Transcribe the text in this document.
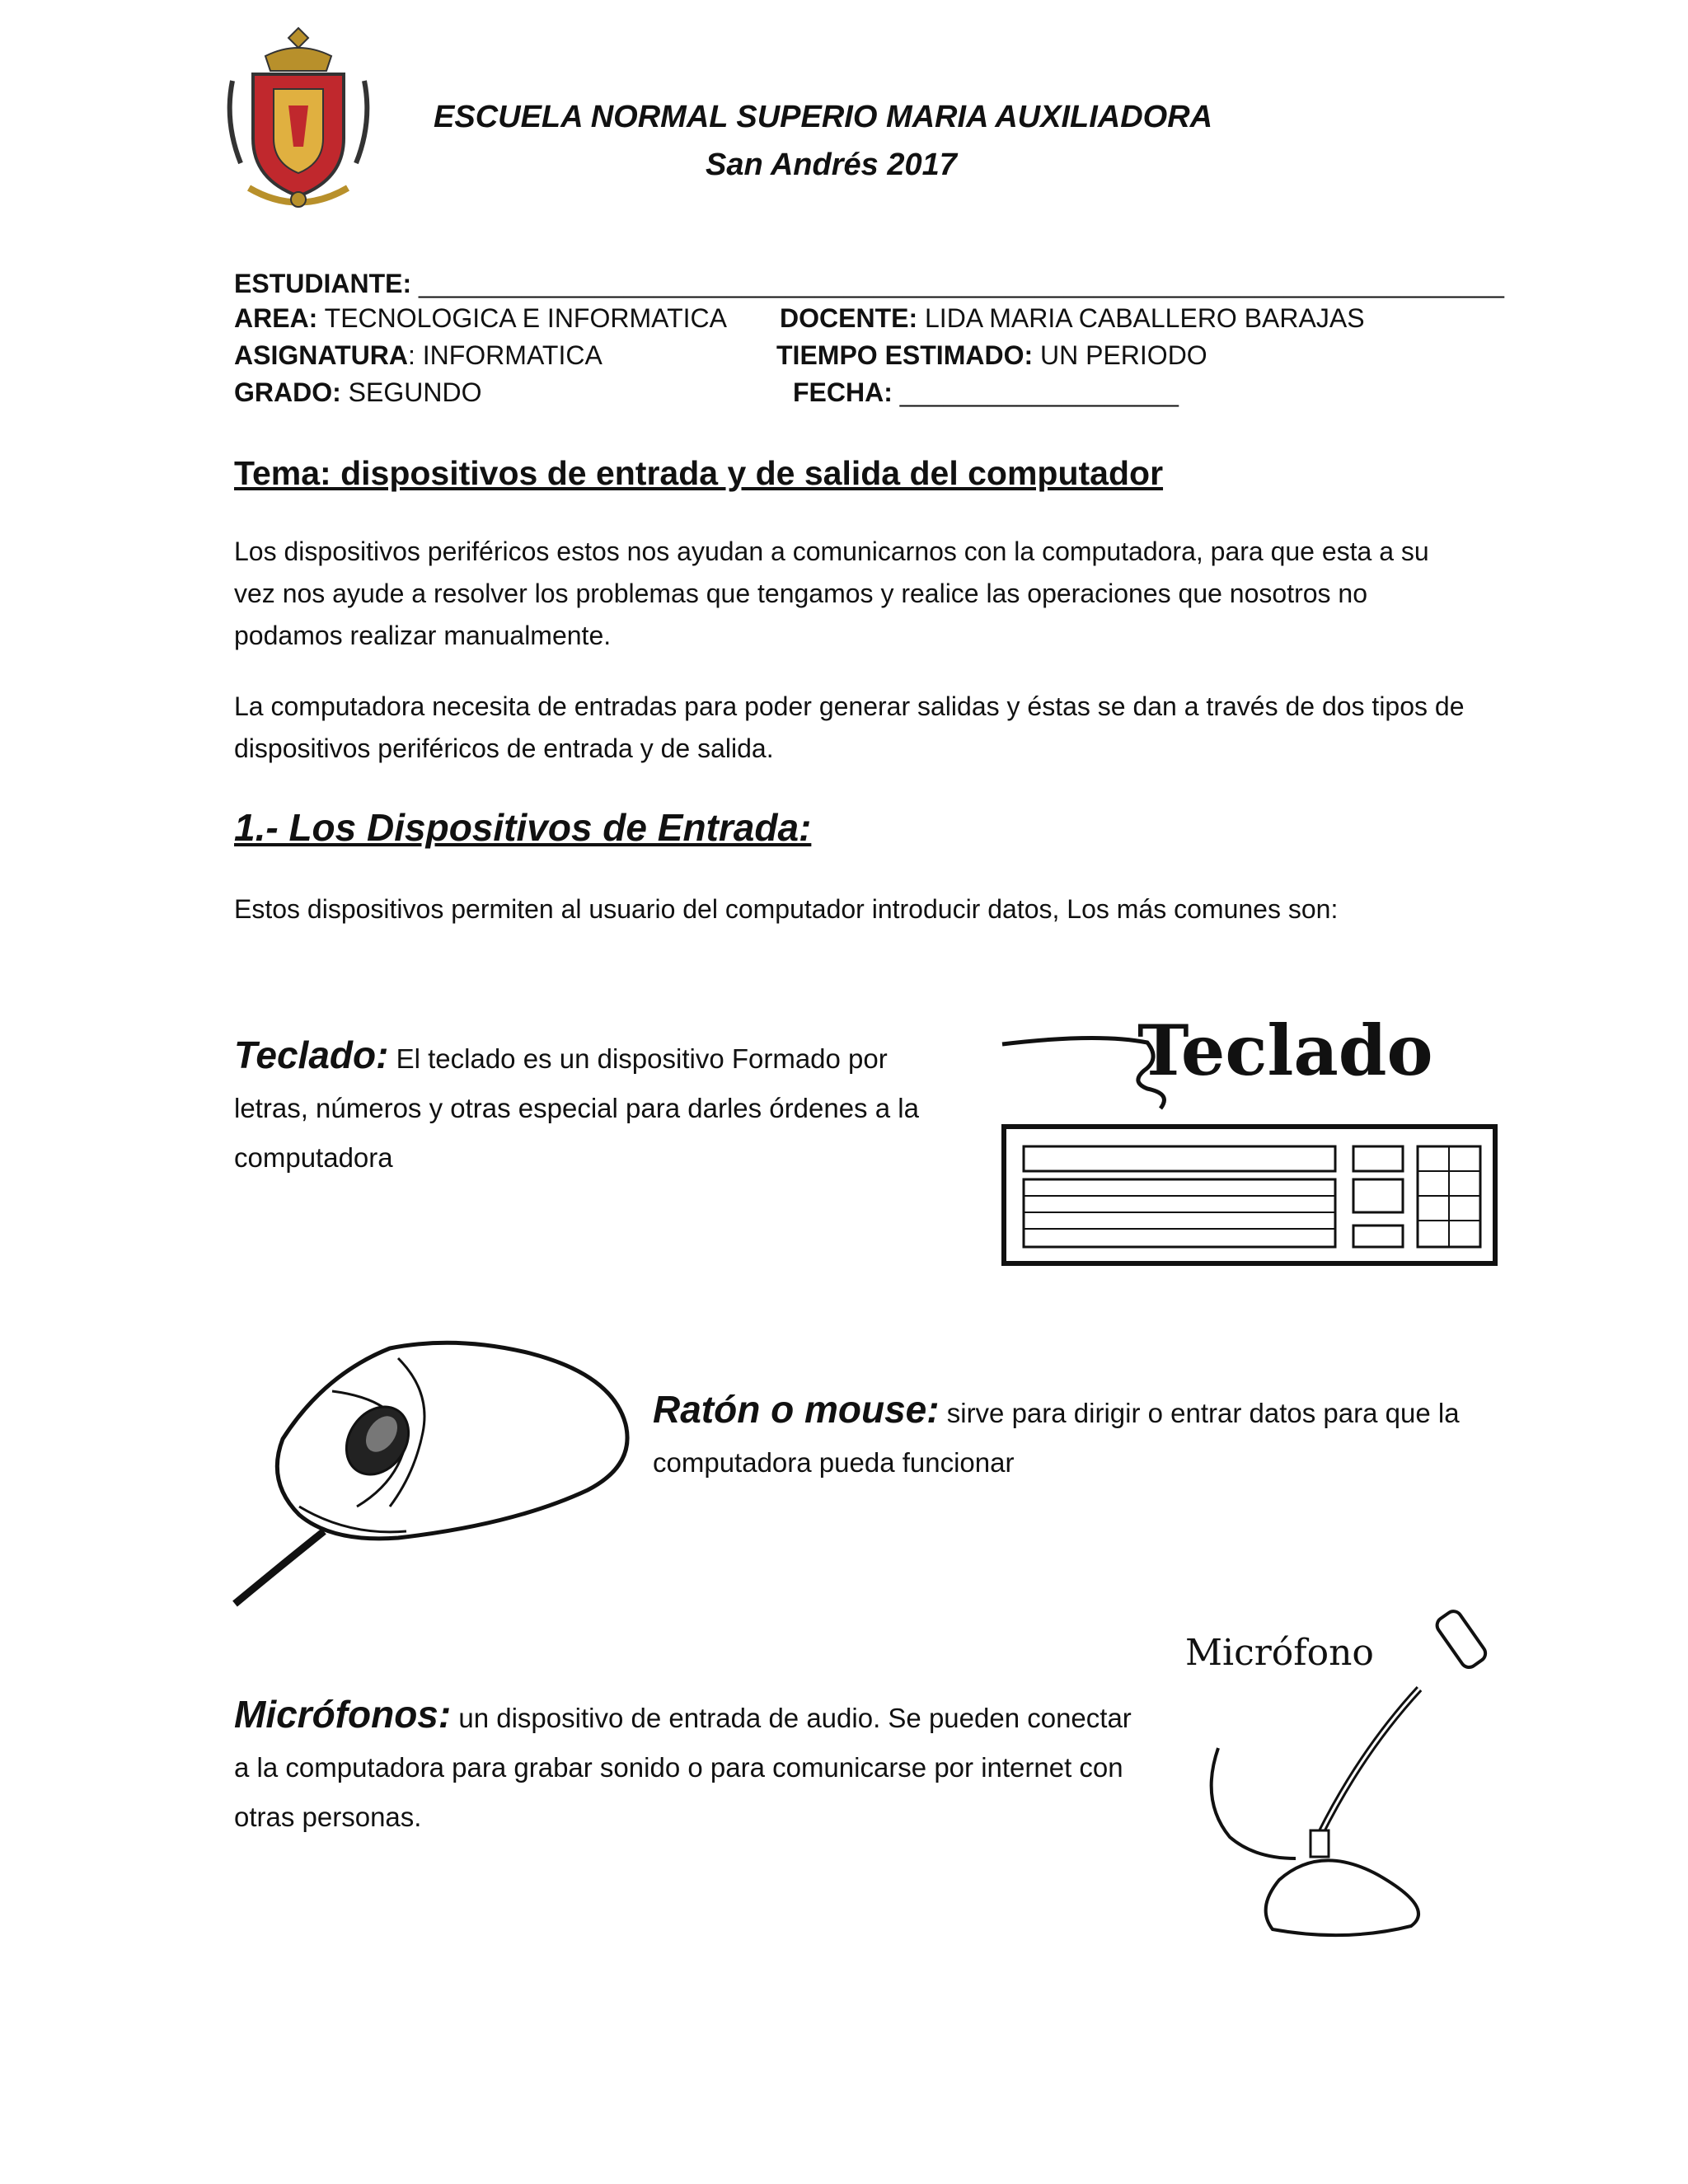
ESCUELA NORMAL SUPERIO MARIA AUXILIADORA
San Andrés 2017
ESTUDIANTE: __________________________________________________________________________
AREA: TECNOLOGICA E INFORMATICA DOCENTE: LIDA MARIA CABALLERO BARAJAS
ASIGNATURA: INFORMATICA	TIEMPO ESTIMADO: UN PERIODO
GRADO: SEGUNDO	FECHA: ___________________
Tema: dispositivos de entrada y de salida del computador
Los dispositivos periféricos estos nos ayudan a comunicarnos con la computadora, para que esta a su vez nos ayude a resolver los problemas que tengamos y realice las operaciones que nosotros no podamos realizar manualmente.
La computadora necesita de entradas para poder generar salidas y éstas se dan a través de dos tipos de dispositivos periféricos de entrada y de salida.
1.- Los Dispositivos de Entrada:
Estos dispositivos permiten al usuario del computador introducir datos, Los más comunes son:
Teclado: El teclado es un dispositivo Formado por letras, números y otras especial para darles órdenes a la computadora
Teclado
Ratón o mouse: sirve para dirigir o entrar datos para que la computadora pueda funcionar
Micrófono
Micrófonos: un dispositivo de entrada de audio. Se pueden conectar a la computadora para grabar sonido o para comunicarse por internet con otras personas.
